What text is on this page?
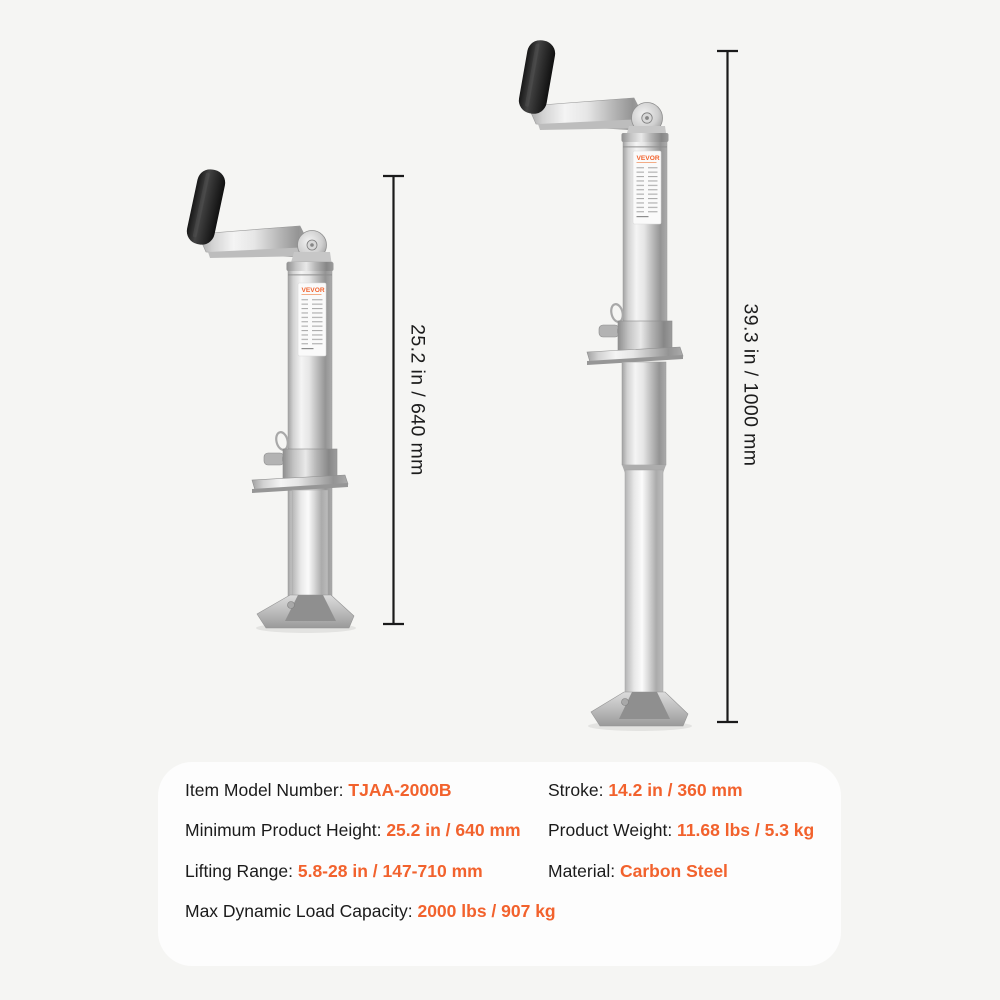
VEVOR
VEVOR
25.2 in / 640 mm	39.3 in / 1000 mm
Item Model Number: TJAA-2000B
Minimum Product Height: 25.2 in / 640 mm
Lifting Range: 5.8-28 in / 147-710 mm
Max Dynamic Load Capacity: 2000 lbs / 907 kg
Stroke: 14.2 in / 360 mm
Product Weight: 11.68 lbs / 5.3 kg
Material: Carbon Steel
